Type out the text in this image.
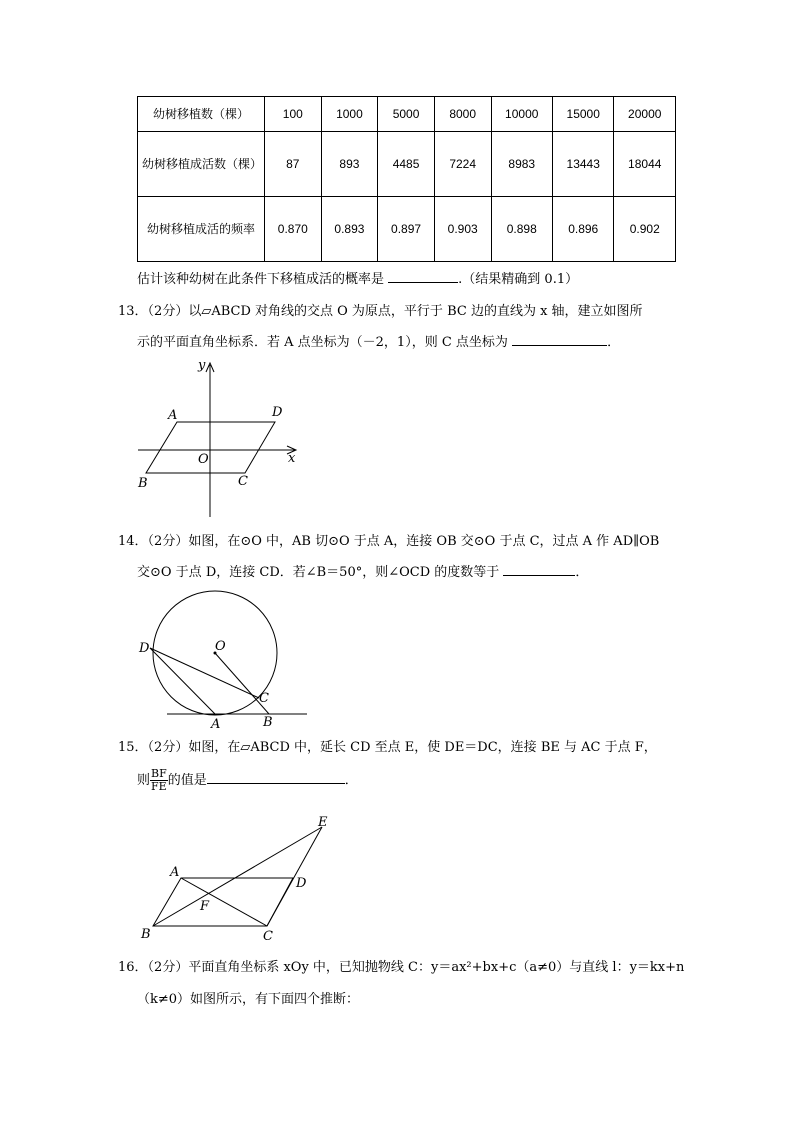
幼树移植数（棵）	100	1000	5000	8000	10000	15000	20000
幼树移植成活数（棵）	87	893	4485	7224	8983	13443	18044
幼树移植成活的频率	0.870	0.893	0.897	0.903	0.898	0.896	0.902
估计该种幼树在此条件下移植成活的概率是	.（结果精确到 0.1）
13．（2分）以▱ABCD 对角线的交点 O 为原点，平行于 BC 边的直线为 x 轴，建立如图所
示的平面直角坐标系．若 A 点坐标为（－2，1），则 C 点坐标为	．
y
x
A	D
O
B	C
14．（2分）如图，在⊙O 中，AB 切⊙O 于点 A，连接 OB 交⊙O 于点 C，过点 A 作 AD∥OB
交⊙O 于点 D，连接 CD．若∠B＝50°，则∠OCD 的度数等于	．
D	O
C
A	B
15．（2分）如图，在▱ABCD 中，延长 CD 至点 E，使 DE＝DC，连接 BE 与 AC 于点 F，
则 $\frac{BF}{FE}$ 的值是	．
E
A
D
F
B	C
16．（2分）平面直角坐标系 xOy 中，已知抛物线 C：y＝ax²+bx+c（a≠0）与直线 l：y＝kx+n
（k≠0）如图所示，有下面四个推断：
